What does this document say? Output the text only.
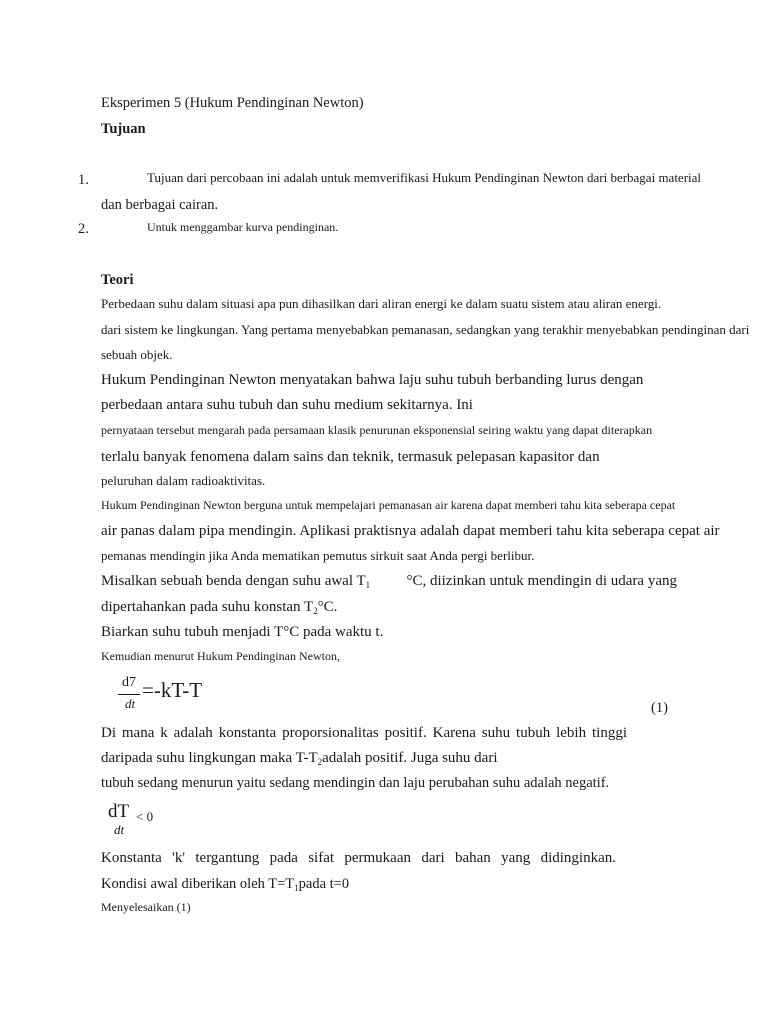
Eksperimen 5 (Hukum Pendinginan Newton)
Tujuan
1.	Tujuan dari percobaan ini adalah untuk memverifikasi Hukum Pendinginan Newton dari berbagai material
dan berbagai cairan.
2.	Untuk menggambar kurva pendinginan.
Teori
Perbedaan suhu dalam situasi apa pun dihasilkan dari aliran energi ke dalam suatu sistem atau aliran energi.
dari sistem ke lingkungan. Yang pertama menyebabkan pemanasan, sedangkan yang terakhir menyebabkan pendinginan dari
sebuah objek.
Hukum Pendinginan Newton menyatakan bahwa laju suhu tubuh berbanding lurus dengan
perbedaan antara suhu tubuh dan suhu medium sekitarnya. Ini
pernyataan tersebut mengarah pada persamaan klasik penurunan eksponensial seiring waktu yang dapat diterapkan
terlalu banyak fenomena dalam sains dan teknik, termasuk pelepasan kapasitor dan
peluruhan dalam radioaktivitas.
Hukum Pendinginan Newton berguna untuk mempelajari pemanasan air karena dapat memberi tahu kita seberapa cepat
air panas dalam pipa mendingin. Aplikasi praktisnya adalah dapat memberi tahu kita seberapa cepat air
pemanas mendingin jika Anda mematikan pemutus sirkuit saat Anda pergi berlibur.
Misalkan sebuah benda dengan suhu awal $T_1$ °C, diizinkan untuk mendingin di udara yang
dipertahankan pada suhu konstan $T_2^\circ C$.
Biarkan suhu tubuh menjadi T°C pada waktu t.
Kemudian menurut Hukum Pendinginan Newton,
d7
dt
=-kT-T
(1)
Di mana k adalah konstanta proporsionalitas positif. Karena suhu tubuh lebih tinggi
daripada suhu lingkungan maka $T-T_2adalah$ positif. Juga suhu dari
tubuh sedang menurun yaitu sedang mendingin dan laju perubahan suhu adalah negatif.
dT
dt
< 0
Konstanta 'k' tergantung pada sifat permukaan dari bahan yang didinginkan.
Kondisi awal diberikan oleh $T=T_1pada$ t=0
Menyelesaikan (1)
